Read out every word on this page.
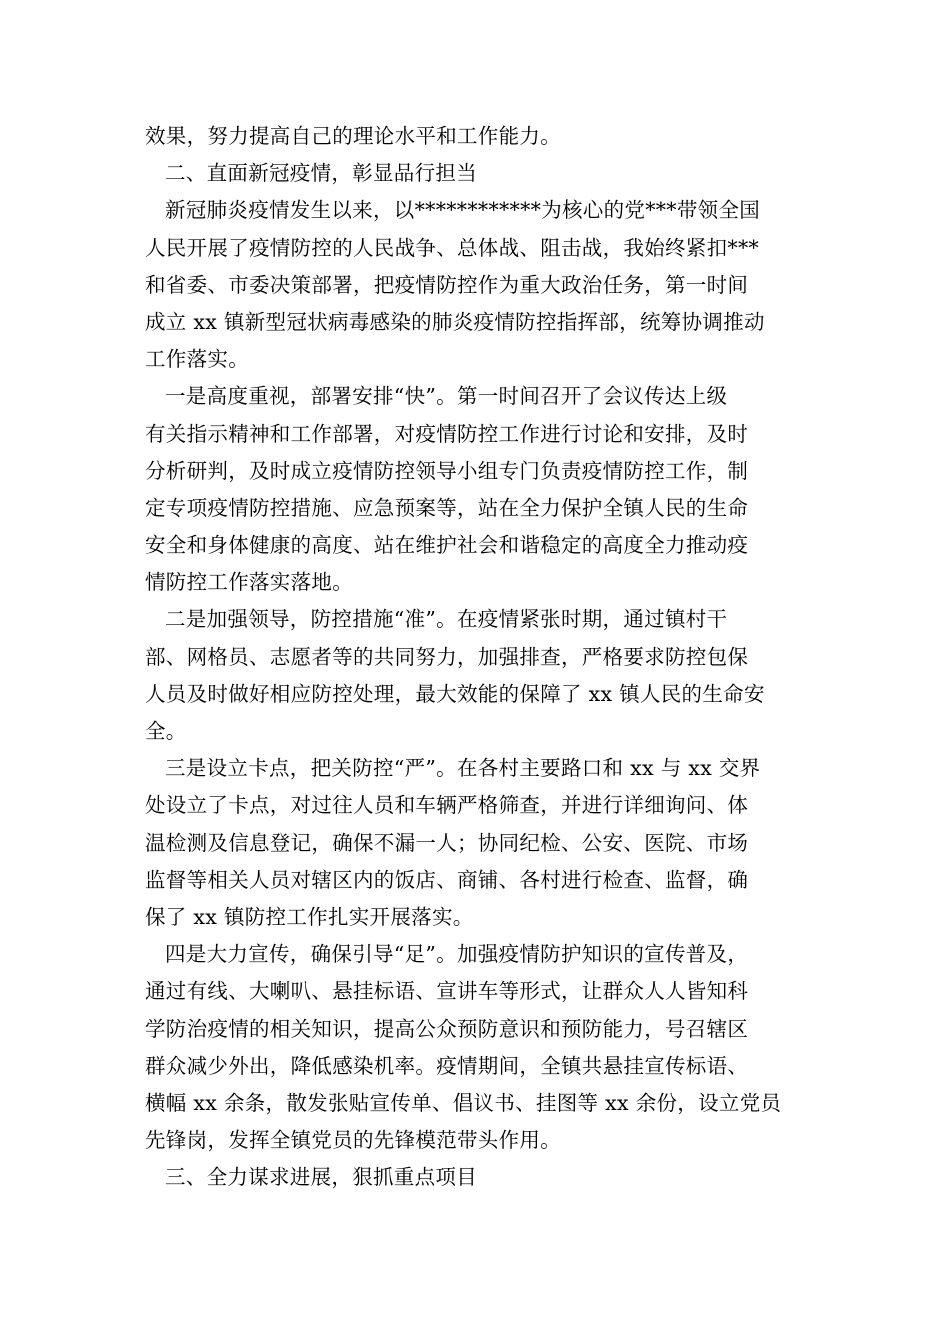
效果，努力提高自己的理论水平和工作能力。
二、直面新冠疫情，彰显品行担当
新冠肺炎疫情发生以来，以************为核心的党***带领全国
人民开展了疫情防控的人民战争、总体战、阻击战，我始终紧扣***
和省委、市委决策部署，把疫情防控作为重大政治任务，第一时间
成立 xx 镇新型冠状病毒感染的肺炎疫情防控指挥部，统筹协调推动
工作落实。
一是高度重视，部署安排“快”。第一时间召开了会议传达上级
有关指示精神和工作部署，对疫情防控工作进行讨论和安排，及时
分析研判，及时成立疫情防控领导小组专门负责疫情防控工作，制
定专项疫情防控措施、应急预案等，站在全力保护全镇人民的生命
安全和身体健康的高度、站在维护社会和谐稳定的高度全力推动疫
情防控工作落实落地。
二是加强领导，防控措施“准”。在疫情紧张时期，通过镇村干
部、网格员、志愿者等的共同努力，加强排查，严格要求防控包保
人员及时做好相应防控处理，最大效能的保障了 xx 镇人民的生命安
全。
三是设立卡点，把关防控“严”。在各村主要路口和 xx 与 xx 交界
处设立了卡点，对过往人员和车辆严格筛查，并进行详细询问、体
温检测及信息登记，确保不漏一人；协同纪检、公安、医院、市场
监督等相关人员对辖区内的饭店、商铺、各村进行检查、监督，确
保了 xx 镇防控工作扎实开展落实。
四是大力宣传，确保引导“足”。加强疫情防护知识的宣传普及，
通过有线、大喇叭、悬挂标语、宣讲车等形式，让群众人人皆知科
学防治疫情的相关知识，提高公众预防意识和预防能力，号召辖区
群众减少外出，降低感染机率。疫情期间，全镇共悬挂宣传标语、
横幅 xx 余条，散发张贴宣传单、倡议书、挂图等 xx 余份，设立党员
先锋岗，发挥全镇党员的先锋模范带头作用。
三、全力谋求进展，狠抓重点项目
